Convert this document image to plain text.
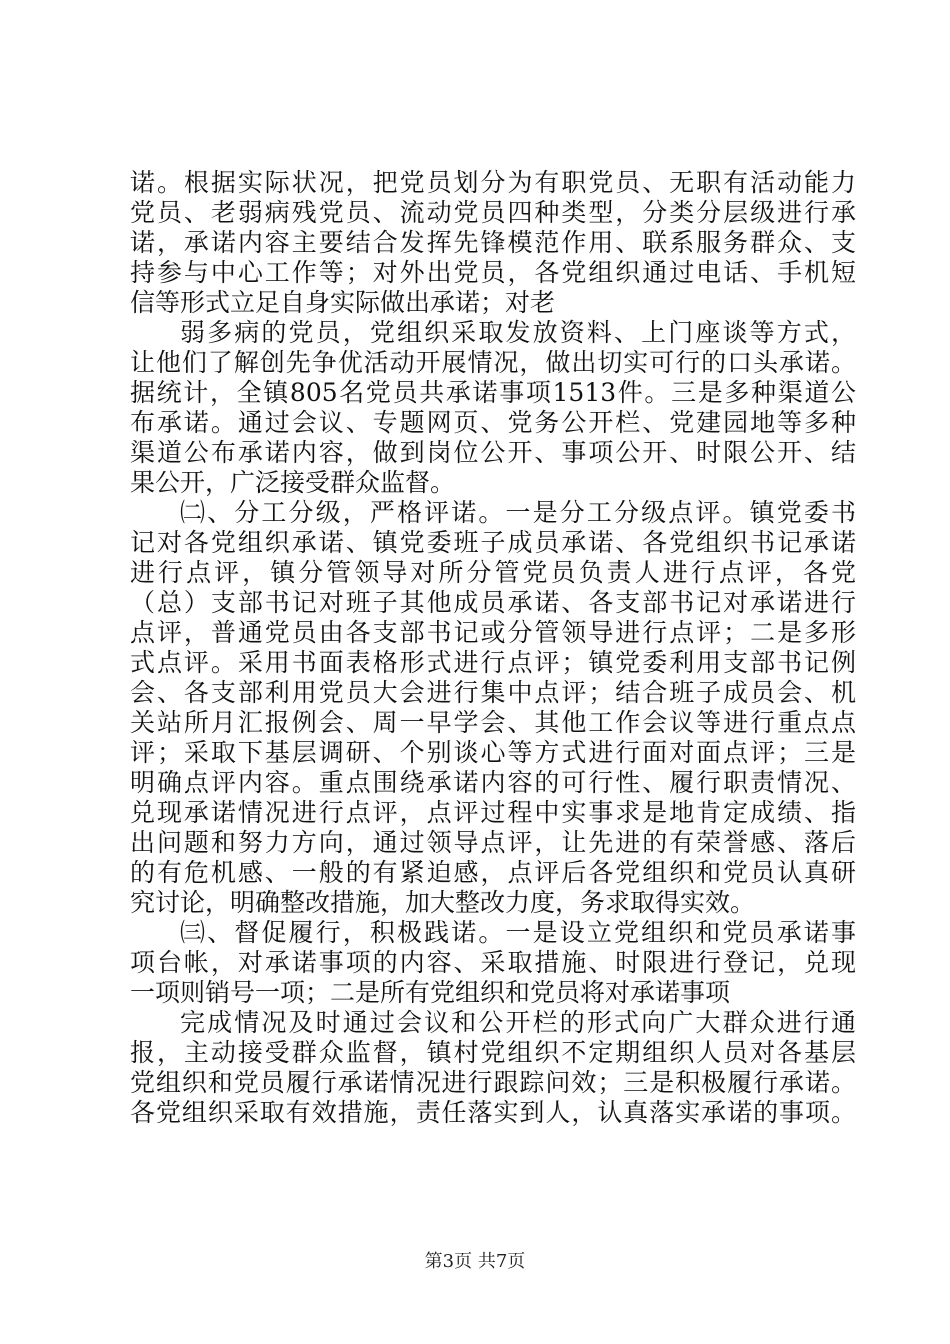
诺。根据实际状况，把党员划分为有职党员、无职有活动能力
党员、老弱病残党员、流动党员四种类型，分类分层级进行承
诺，承诺内容主要结合发挥先锋模范作用、联系服务群众、支
持参与中心工作等；对外出党员，各党组织通过电话、手机短
信等形式立足自身实际做出承诺；对老
弱多病的党员，党组织采取发放资料、上门座谈等方式，
让他们了解创先争优活动开展情况，做出切实可行的口头承诺。
据统计，全镇805名党员共承诺事项1513件。三是多种渠道公
布承诺。通过会议、专题网页、党务公开栏、党建园地等多种
渠道公布承诺内容，做到岗位公开、事项公开、时限公开、结
果公开，广泛接受群众监督。
㈡、分工分级，严格评诺。一是分工分级点评。镇党委书
记对各党组织承诺、镇党委班子成员承诺、各党组织书记承诺
进行点评，镇分管领导对所分管党员负责人进行点评，各党
（总）支部书记对班子其他成员承诺、各支部书记对承诺进行
点评，普通党员由各支部书记或分管领导进行点评；二是多形
式点评。采用书面表格形式进行点评；镇党委利用支部书记例
会、各支部利用党员大会进行集中点评；结合班子成员会、机
关站所月汇报例会、周一早学会、其他工作会议等进行重点点
评；采取下基层调研、个别谈心等方式进行面对面点评；三是
明确点评内容。重点围绕承诺内容的可行性、履行职责情况、
兑现承诺情况进行点评，点评过程中实事求是地肯定成绩、指
出问题和努力方向，通过领导点评，让先进的有荣誉感、落后
的有危机感、一般的有紧迫感，点评后各党组织和党员认真研
究讨论，明确整改措施，加大整改力度，务求取得实效。
㈢、督促履行，积极践诺。一是设立党组织和党员承诺事
项台帐，对承诺事项的内容、采取措施、时限进行登记，兑现
一项则销号一项；二是所有党组织和党员将对承诺事项
完成情况及时通过会议和公开栏的形式向广大群众进行通
报，主动接受群众监督，镇村党组织不定期组织人员对各基层
党组织和党员履行承诺情况进行跟踪问效；三是积极履行承诺。
各党组织采取有效措施，责任落实到人，认真落实承诺的事项。
第3页 共7页
